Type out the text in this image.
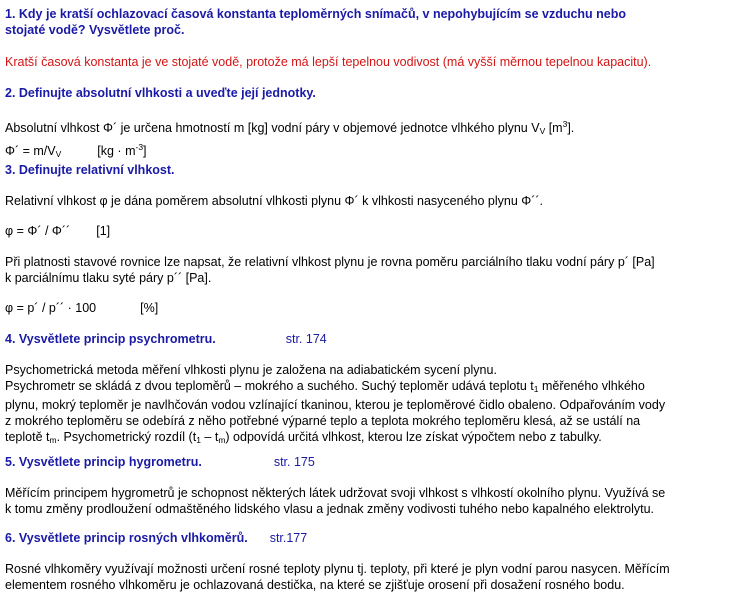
1. Kdy je kratší ochlazovací časová konstanta teploměrných snímačů, v nepohybujícím se vzduchu nebo
stojaté vodě? Vysvětlete proč.
Kratší časová konstanta je ve stojaté vodě, protože má lepší tepelnou vodivost (má vyšší měrnou tepelnou kapacitu).
2. Definujte absolutní vlhkosti a uveďte její jednotky.
Absolutní vlhkost Φ´ je určena hmotností m [kg] vodní páry v objemové jednotce vlhkého plynu $V_V$ $[m^3]$.
Φ´ = $m/V_V$	$[kg \cdot m^{-3}]$
3. Definujte relativní vlhkost.
Relativní vlhkost φ je dána poměrem absolutní vlhkosti plynu Φ´ k vlhkosti nasyceného plynu Φ´´.
φ = Φ´ / Φ´´ [1]
Při platnosti stavové rovnice lze napsat, že relativní vlhkost plynu je rovna poměru parciálního tlaku vodní páry p´ [Pa]
k parciálnímu tlaku syté páry p´´ [Pa].
φ = p´ / p´´ · 100	[%]
4. Vysvětlete princip psychrometru.	str. 174
Psychometrická metoda měření vlhkosti plynu je založena na adiabatickém sycení plynu.
Psychrometr se skládá z dvou teploměrů – mokrého a suchého. Suchý teploměr udává teplotu $t_1$ měřeného vlhkého
plynu, mokrý teploměr je navlhčován vodou vzlínající tkaninou, kterou je teploměrové čidlo obaleno. Odpařováním vody
z mokrého teploměru se odebírá z něho potřebné výparné teplo a teplota mokrého teploměru klesá, až se ustálí na
teplotě $t_m$. Psychometrický rozdíl $(t_1 - t_m)$ odpovídá určitá vlhkost, kterou lze získat výpočtem nebo z tabulky.
5. Vysvětlete princip hygrometru.	str. 175
Měřícím principem hygrometrů je schopnost některých látek udržovat svoji vlhkost s vlhkostí okolního plynu. Využívá se
k tomu změny prodloužení odmaštěného lidského vlasu a jednak změny vodivosti tuhého nebo kapalného elektrolytu.
6. Vysvětlete princip rosných vlhkoměrů. str.177
Rosné vlhkoměry využívají možnosti určení rosné teploty plynu tj. teploty, při které je plyn vodní parou nasycen. Měřícím
elementem rosného vlhkoměru je ochlazovaná destička, na které se zjišťuje orosení při dosažení rosného bodu.
